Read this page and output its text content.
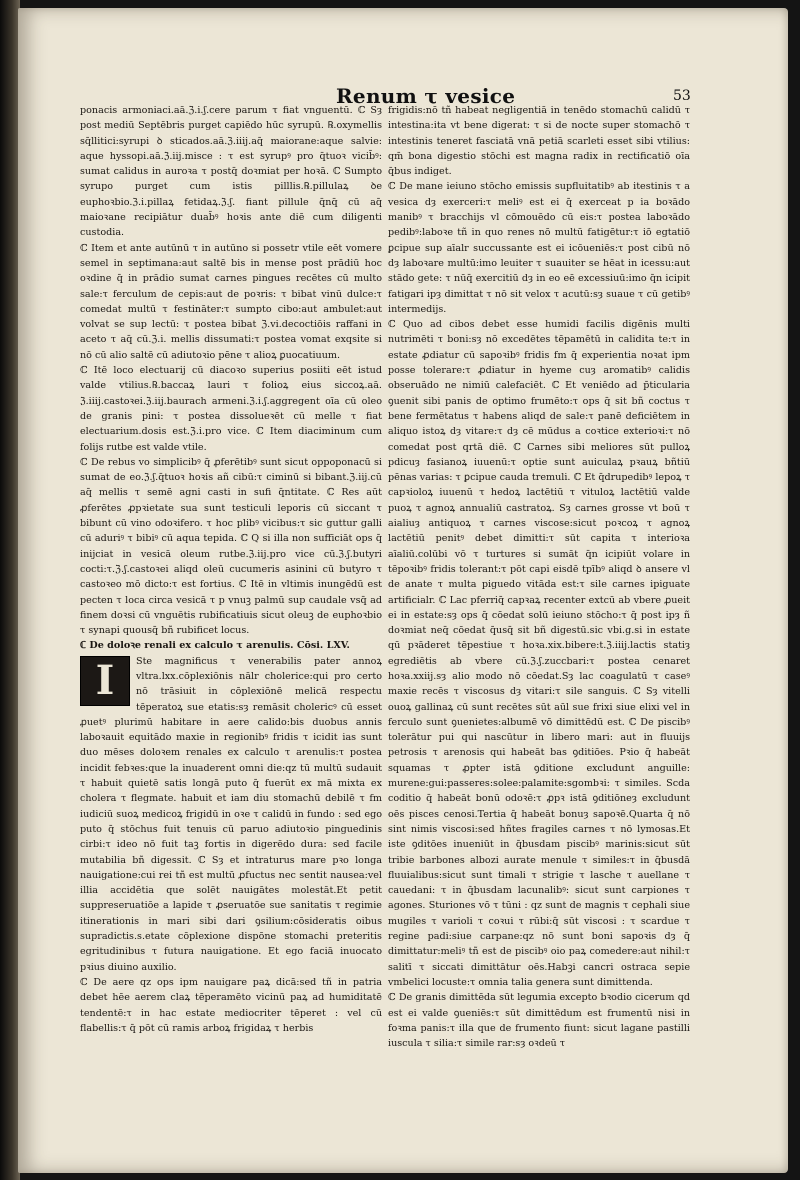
Renum τ vesice	53

ponacis armoniaci.aā.ℨ.i.ʃ.cere parum τ fiat vnguentū. ℂ Sȝ post mediū Septēbris purget capiēdo hūc syrupū. ℞.oxymellis sq̄llitici:syrupi ꝺ sticados.aā.ℨ.iiij.aq̄ maiorane:aque salvie: aque hyssopi.aā.ℨ.iij.misce : τ est syrupꝰ pro q̄tuoꝛ vicib̄ꝰ: sumat calidus in auroꝛa τ postq̄ doꝛmiat per hoꝛā. ℂ Sumpto syrupo purget cum istis pilllis.℞.pillulaꝝ ꝺe euphoꝛbio.ℨ.i.pillaꝝ fetidaꝝ.ℨ.ʃ. fiant pillule q̄nq̄ cū aq̄ maioꝛane recipiātur duab̄ꝰ hoꝛis ante diē cum diligenti custodia.

ℂ Item et ante autūnū τ in autūno si possetr vtile eēt vomere semel in septimana:aut saltē bis in mense post prādiū hoc oꝛdine q̄ in prādio sumat carnes pingues recētes cū multo sale:τ ferculum de cepis:aut de poꝛris: τ bibat vinū dulce:τ comedat multū τ festināter:τ sumpto cibo:aut ambulet:aut volvat se sup lectū: τ postea bibat ℨ.vi.decoctiōis raffani in aceto τ aq̄ cū.ℨ.i. mellis dissumati:τ postea vomat exqsite si nō cū alio saltē cū adiutoꝛio pēne τ alioꝝ ꝑuocatiuum.

ℂ Itē loco electuarij cū diacoꝛo superius posiiti eēt istud valde vtilius.℞.baccaꝝ lauri τ folioꝝ eius siccoꝝ.aā. ℨ.iiij.castoꝛei.ℨ.iij.baurach armeni.ℨ.i.ʃ.aggregent oīa cū oleo de granis pini: τ postea dissolueꝛēt cū melle τ fiat electuarium.dosis est.ℨ.i.pro vice. ℂ Item diaciminum cum folijs rutbe est valde vtile.

ℂ De rebus vo simplicibꝰ q̄ ꝓferētibꝰ sunt sicut oppoponacū si sumat de eo.ℨ.ʃ.q̄tuoꝛ hoꝛis añ cibū:τ ciminū si bibant.ℨ.iij.cū aq̄ mellis τ semē agni casti in sufi q̄ntitate. ℂ Res aūt ꝓferētes ꝓpꝛietate sua sunt testiculi leporis cū siccant τ bibunt cū vino odoꝛifero. τ hoc plibꝰ vicibus:τ sic guttur galli cū aduriꝰ τ bibiꝰ cū aqua tepida. ℂ Q si illa non sufficiāt ops q̄ inijciat in vesicā oleum rutbe.ℨ.iij.pro vice cū.ℨ.ʃ.butyri cocti:τ.ℨ.ʃ.castoꝛei aliqd oleū cucumeris asinini cū butyro τ castoꝛeo mō dicto:τ est fortius. ℂ Itē in vltimis inungēdū est pecten τ loca circa vesicā τ p vnuꝫ palmū sup caudale vsq̄ ad finem doꝛsi cū vnguētis rubificatiuis sicut oleuꝫ de euphoꝛbio τ synapi quousq̄ bñ rubificet locus.

ℂ De doloꝛe renali ex calculo τ arenulis. Cōsi. LXV.

I	Ste magnificus τ venerabilis pater annoꝝ vltra.lxx.cōplexiōnis nālr cholerice:qui pro certo nō trāsiuit in cōplexiōnē melicā respectu tēperatoꝝ sue etatis:sȝ remāsit cholericꝰ cū esset ꝓuetꝰ plurimū habitare in aere calido:bis duobus annis laboꝛauit equitādo maxie in regionibꝰ fridis τ icidit ias sunt duo mēses doloꝛem renales ex calculo τ arenulis:τ postea incidit febꝛes:que la inuaderent omni die:qz tū multū sudauit τ habuit quietē satis longā puto q̄ fuerūt ex mā mixta ex cholera τ flegmate. habuit et iam diu stomachū debilē τ fm iudiciū suoꝝ medicoꝝ frigidū in oꝛe τ calidū in fundo : sed ego puto q̄ stōchus fuit tenuis cū paruo adiutoꝛio pinguedinis cirbi:τ ideo nō fuit taꝫ fortis in digerēdo dura: sed facile mutabilia bñ digessit. ℂ Sȝ et intraturus mare pꝛo longa nauigatione:cui rei tñ est multū ꝓfuctus nec sentit nausea:vel illia accidētia que solēt nauigātes molestāt.Et petit suppreseruatiōe a lapide τ ꝓseruatōe sue sanitatis τ regimie itinerationis in mari sibi dari ꝯsilium:cōsideratis oibus supradictis.s.etate cōplexione dispōne stomachi preteritis egritudinibus τ futura nauigatione. Et ego faciā inuocato pꝛius diuino auxilio.

ℂ De aere qz ops ipm nauigare paꝝ dicā:sed tñ in patria debet hēe aerem claꝝ tēperamēto vicinū paꝝ ad humiditatē tendentē:τ in hac estate mediocriter tēperet : vel cū flabellis:τ q̄ pōt cū ramis arboꝝ frigidaꝝ τ herbis

frigidis:nō tñ habeat negligentiā in tenēdo stomachū calidū τ intestina:ita vt bene digerat: τ si de nocte super stomachō τ intestinis teneret fasciatā vnā petiā scarleti esset sibi vtilius: qm̄ bona digestio stōchi est magna radix in rectificatiō oīa q̄bus indiget.

ℂ De mane ieiuno stōcho emissis supfluitatibꝰ ab itestinis τ a vesica dȝ exerceri:τ meliꝰ est ei q̄ exerceat p ia boꝛādo manibꝰ τ bracchijs vl cōmouēdo cū eis:τ postea laboꝛādo pedibꝰ:laboꝛe tñ in quo renes nō multū fatigētur:τ iō egtatiō ꝑcipue sup aīalr succussante est ei icōueniēs:τ post cibū nō dȝ laboꝛare multū:imo leuiter τ suauiter se hēat in icessu:aut stādo gete: τ nūq̄ exercitiū dȝ in eo eē excessiuū:imo q̄n icipit fatigari ipȝ dimittat τ nō sit velox τ acutū:sȝ suaue τ cū getibꝰ intermedijs.

ℂ Quo ad cibos debet esse humidi facilis digēnis multi nutrimēti τ boni:sȝ nō excedētes tēpamētū in calidita te:τ in estate ꝓdiatur cū sapoꝛibꝰ fridis fm q̄ experientia noꝛat ipm posse tolerare:τ ꝓdiatur in hyeme cuȝ aromatibꝰ calidis obseruādo ne nimiū calefaciēt. ℂ Et veniēdo ad p̄ticularia ꝯuenit sibi panis de optimo frumēto:τ ops q̄ sit bñ coctus τ bene fermētatus τ habens aliqd de sale:τ panē deficiētem in aliquo istoꝝ dȝ vitare:τ dȝ cē mūdus a coꝛtice exterioꝛi:τ nō comedat post qrtā diē. ℂ Carnes sibi meliores sūt pulloꝝ pdicuȝ fasianoꝝ iuuenū:τ optie sunt auiculaꝝ pꝛauꝝ bñtiū pēnas varias: τ ꝑcipue cauda tremuli. ℂ Et q̄drupedibꝰ lepoꝝ τ capꝛioloꝝ iuuenū τ hedoꝝ lactētiū τ vituloꝝ lactētiū valde puoꝝ τ agnoꝝ annualiū castratoꝝ. Sȝ carnes grosse vt boū τ aialiuȝ antiquoꝝ τ carnes viscose:sicut poꝛcoꝝ τ agnoꝝ lactētiū penitꝰ debet dimitti:τ sūt capita τ interioꝛa aīaliū.colūbi vō τ turtures si sumāt q̄n icipiūt volare in tēpoꝛibꝰ fridis tolerant:τ pōt capi eisdē tpībꝰ aliqd ꝺ ansere vl de anate τ multa piguedo vitāda est:τ sile carnes ipiguate artificialr. ℂ Lac pferriq̄ capꝛaꝝ recenter extcū ab vbere ꝓueit ei in estate:sȝ ops q̄ cōedat solū ieiuno stōcho:τ q̄ post ipȝ ñ doꝛmiat neq̄ cōedat q̄usq̄ sit bñ digestū.sic vbi.g.si in estate qū pꝛāderet tēpestiue τ hoꝛa.xix.bibere:t.ℨ.iiij.lactis statiȝ egrediētis ab vbere cū.ℨ.ʃ.zuccbari:τ postea cenaret hoꝛa.xxiij.sȝ alio modo nō cōedat.Sȝ lac coagulatū τ caseꝰ maxie recēs τ viscosus dȝ vitari:τ sile sanguis. ℂ Sȝ vitelli ouoꝝ gallinaꝝ cū sunt recētes sūt aūl sue frixi siue elixi vel in ferculo sunt ꝯuenietes:albumē vō dimittēdū est. ℂ De piscibꝰ tolerātur pui qui nascūtur in libero mari: aut in fluuijs petrosis τ arenosis qui habeāt bas ꝯditiōes. Pꝛio q̄ habeāt squamas τ ꝓpter istā ꝯditione excludunt anguille: murene:gui:passeres:solee:palamite:sgombꝛi: τ similes. Scda coditio q̄ habeāt bonū odoꝛē:τ ꝓpꝛ istā ꝯditiōneȝ excludunt oēs pisces cenosi.Tertia q̄ habeāt bonuȝ sapoꝛē.Quarta q̄ nō sint nimis viscosi:sed hñtes fragiles carnes τ nō lymosas.Et iste ꝯditōes inueniūt in q̄busdam piscibꝰ marinis:sicut sūt tribie barbones albozi aurate menule τ similes:τ in q̄busdā fluuialibus:sicut sunt timali τ strigie τ lasche τ auellane τ cauedani: τ in q̄busdam lacunalibꝰ: sicut sunt carpiones τ agones. Sturiones vō τ tūni : qz sunt de magnis τ cephali siue mugiles τ varioli τ coꝛui τ rūbi:q̄ sūt viscosi : τ scardue τ regine padi:siue carpane:qz nō sunt boni sapoꝛis dȝ q̄ dimittatur:meliꝰ tñ est de piscibꝰ oio paꝝ comedere:aut nihil:τ salitī τ siccati dimittātur oēs.Habꝫi cancri ostraca sepie vmbelici locuste:τ omnia talia genera sunt dimittenda.

ℂ De granis dimittēda sūt legumia excepto bꝛodio cicerum qd est ei valde ꝯueniēs:τ sūt dimittēdum est frumentū nisi in foꝛma panis:τ illa que de frumento fiunt: sicut lagane pastilli iuscula τ silia:τ simile rar:sȝ oꝛdeū τ
